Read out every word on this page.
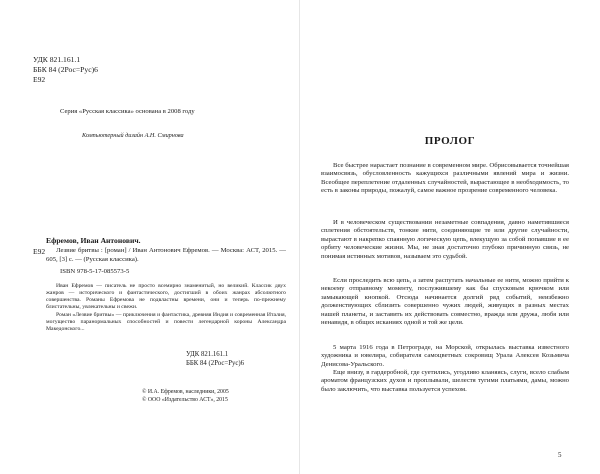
УДК 821.161.1
ББК 84 (2Рос=Рус)6
Е92
Серия «Русская классика» основана в 2008 году
Компьютерный дизайн А.Н. Смирнова
Ефремов, Иван Антонович.
Е92	Лезвие бритвы : [роман] / Иван Антонович Ефремов. — Москва: АСТ, 2015. — 605, [3] с. — (Русская классика).
ISBN 978-5-17-085573-5
Иван Ефремов — писатель не просто всемирно знаменитый, но великий. Классик двух жанров — исторического и фантастического, достигший в обоих жанрах абсолютного совершенства. Романы Ефремова не подвластны времени, они и теперь по-прежнему блистательны, увлекательны и свежи.
Роман «Лезвие бритвы» — приключения и фантастика, древняя Индия и современная Италия, могущество паранормальных способностей и повести легендарной короны Александра Македонского...
УДК 821.161.1
ББК 84 (2Рос=Рус)6
© И.А. Ефремов, наследники, 2005
© ООО «Издательство АСТ», 2015
ПРОЛОГ
Все быстрее нарастает познание в современном мире. Обрисовывается точнейшая взаимосвязь, обусловленность кажущихся различными явлений мира и жизни. Всеобщее переплетение отдаленных случайностей, вырастающее в необходимость, то есть в законы природы, пожалуй, самое важное прозрение современного человека.
И в человеческом существовании незаметные совпадения, давно наметившиеся сплетения обстоятельств, тонкие нити, соединяющие те или другие случайности, вырастают в накрепко спаянную логическую цепь, влекущую за собой попавшие в ее орбиту человеческие жизни. Мы, не зная достаточно глубоко причинную связь, не понимая истинных мотивов, называем это судьбой.
Если проследить всю цепь, а затем распутать начальные ее нити, можно прийти к некоему отправному моменту, послужившему как бы спусковым крючком или замыкающей кнопкой. Отсюда начинается долгий ряд событий, неизбежно долженствующих сблизить совершенно чужих людей, живущих в разных местах нашей планеты, и заставить их действовать совместно, вражда или дружа, любя или ненавидя, в общих исканиях одной и той же цели.
5 марта 1916 года в Петрограде, на Морской, открылась выставка известного художника и ювелира, собирателя самоцветных сокровищ Урала Алексея Козьмича Денисова-Уральского.
Еще внизу, в гардеробной, где суетились, угодливо кланяясь, слуги, всело слабым ароматом французских духов и проплывали, шелестя тугими платьями, дамы, можно было заключить, что выставка пользуется успехом.
5
